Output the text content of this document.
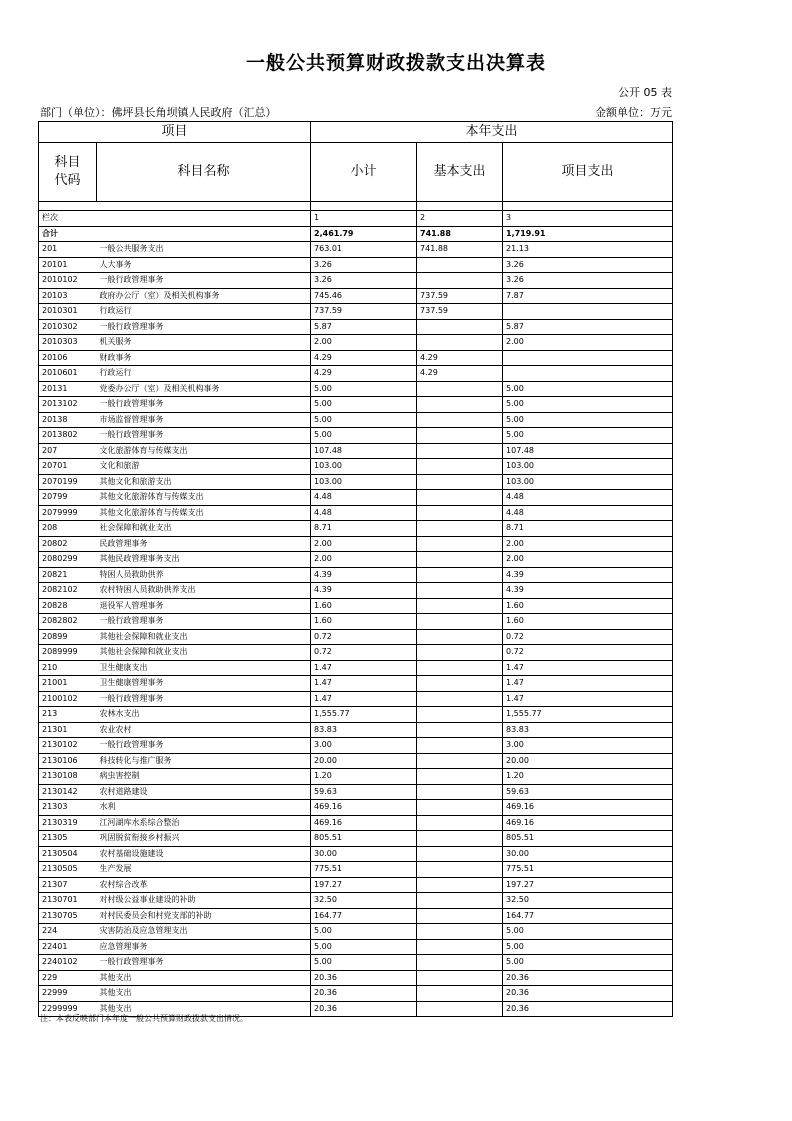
一般公共预算财政拨款支出决算表
公开 05 表
部门（单位）：佛坪县长角坝镇人民政府（汇总）	金额单位：万元
项目		本年支出		
科目
代码	科目名称	小计	基本支出	项目支出

栏次		1	2	3
合计		2,461.79	741.88	1,719.91
201	一般公共服务支出	763.01	741.88	21.13
20101	人大事务	3.26		3.26
2010102	一般行政管理事务	3.26		3.26
20103	政府办公厅（室）及相关机构事务	745.46	737.59	7.87
2010301	行政运行	737.59	737.59	
2010302	一般行政管理事务	5.87		5.87
2010303	机关服务	2.00		2.00
20106	财政事务	4.29	4.29	
2010601	行政运行	4.29	4.29	
20131	党委办公厅（室）及相关机构事务	5.00		5.00
2013102	一般行政管理事务	5.00		5.00
20138	市场监督管理事务	5.00		5.00
2013802	一般行政管理事务	5.00		5.00
207	文化旅游体育与传媒支出	107.48		107.48
20701	文化和旅游	103.00		103.00
2070199	其他文化和旅游支出	103.00		103.00
20799	其他文化旅游体育与传媒支出	4.48		4.48
2079999	其他文化旅游体育与传媒支出	4.48		4.48
208	社会保障和就业支出	8.71		8.71
20802	民政管理事务	2.00		2.00
2080299	其他民政管理事务支出	2.00		2.00
20821	特困人员救助供养	4.39		4.39
2082102	农村特困人员救助供养支出	4.39		4.39
20828	退役军人管理事务	1.60		1.60
2082802	一般行政管理事务	1.60		1.60
20899	其他社会保障和就业支出	0.72		0.72
2089999	其他社会保障和就业支出	0.72		0.72
210	卫生健康支出	1.47		1.47
21001	卫生健康管理事务	1.47		1.47
2100102	一般行政管理事务	1.47		1.47
213	农林水支出	1,555.77		1,555.77
21301	农业农村	83.83		83.83
2130102	一般行政管理事务	3.00		3.00
2130106	科技转化与推广服务	20.00		20.00
2130108	病虫害控制	1.20		1.20
2130142	农村道路建设	59.63		59.63
21303	水利	469.16		469.16
2130319	江河湖库水系综合整治	469.16		469.16
21305	巩固脱贫衔接乡村振兴	805.51		805.51
2130504	农村基础设施建设	30.00		30.00
2130505	生产发展	775.51		775.51
21307	农村综合改革	197.27		197.27
2130701	对村级公益事业建设的补助	32.50		32.50
2130705	对村民委员会和村党支部的补助	164.77		164.77
224	灾害防治及应急管理支出	5.00		5.00
22401	应急管理事务	5.00		5.00
2240102	一般行政管理事务	5.00		5.00
229	其他支出	20.36		20.36
22999	其他支出	20.36		20.36
2299999	其他支出	20.36		20.36
注：本表反映部门本年度一般公共预算财政拨款支出情况。
